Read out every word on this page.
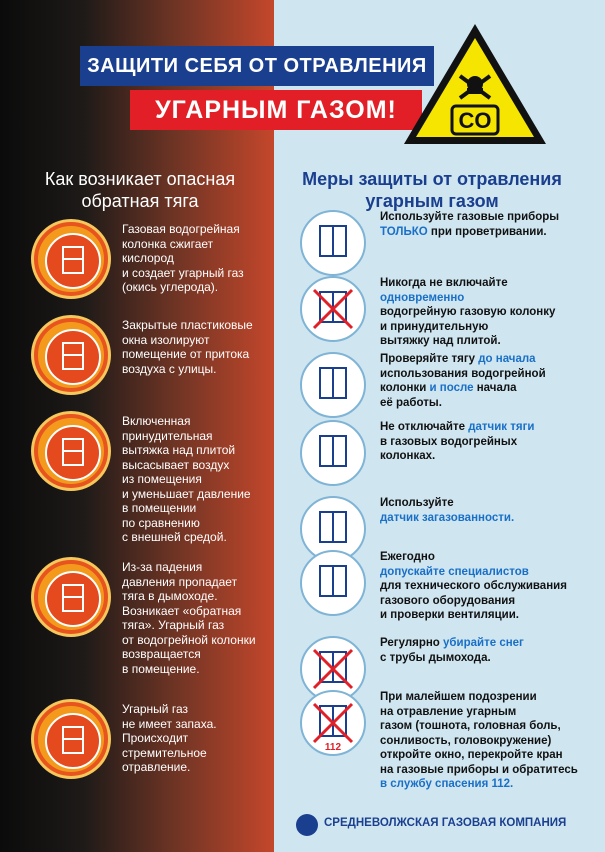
ЗАЩИТИ СЕБЯ ОТ ОТРАВЛЕНИЯ
УГАРНЫМ ГАЗОМ!	CO
Как возникает опасная
обратная тяга
Меры защиты от отравления
угарным газом
Газовая водогрейная
колонка сжигает
кислород
и создает угарный газ
(окись углерода).
Закрытые пластиковые
окна изолируют
помещение от притока
воздуха с улицы.
Включенная
принудительная
вытяжка над плитой
высасывает воздух
из помещения
и уменьшает давление
в помещении
по сравнению
с внешней средой.
Из-за падения
давления пропадает
тяга в дымоходе.
Возникает «обратная
тяга». Угарный газ
от водогрейной колонки
возвращается
в помещение.
Угарный газ
не имеет запаха.
Происходит
стремительное
отравление.
Используйте газовые приборы
ТОЛЬКО при проветривании.
Никогда не включайте
одновременно
водогрейную газовую колонку
и принудительную
вытяжку над плитой.
Проверяйте тягу до начала
использования водогрейной
колонки и после начала
её работы.
Не отключайте датчик тяги
в газовых водогрейных
колонках.
Используйте
датчик загазованности.
Ежегодно
допускайте специалистов
для технического обслуживания
газового оборудования
и проверки вентиляции.
Регулярно убирайте снег
с трубы дымохода.
112
При малейшем подозрении
на отравление угарным
газом (тошнота, головная боль,
сонливость, головокружение)
откройте окно, перекройте кран
на газовые приборы и обратитесь
в службу спасения 112.
СРЕДНЕВОЛЖСКАЯ ГАЗОВАЯ КОМПАНИЯ
